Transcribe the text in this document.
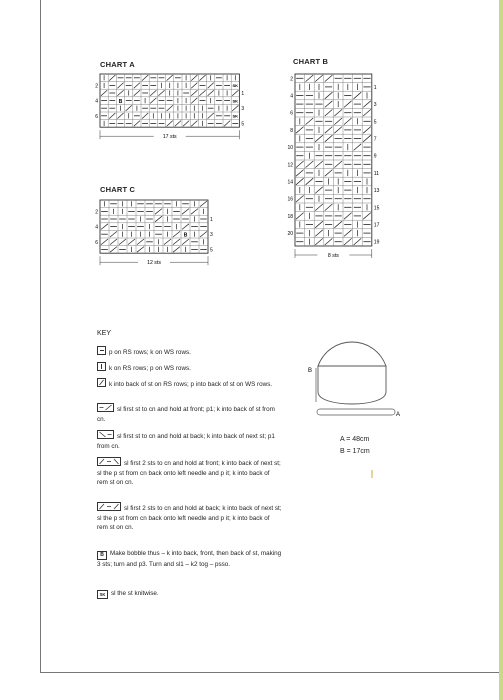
CHART A
SK
SK
SK
B
5
3
1
6
4
2
17 sts
CHART B
19
17
15
13
11
9
7
5
3
1
20
18
16
14
12
10
8
6
4
2
8 sts
CHART C
B
5
3
1
6
4
2
12 sts
KEY
p on RS rows; k on WS rows.
k on RS rows; p on WS rows.
k into back of st on RS rows; p into back of st on WS rows.
sl first st to cn and hold at front; p1; k into back of st from cn.
sl first st to cn and hold at back; k into back of next st; p1 from cn.
sl first 2 sts to cn and hold at front; k into back of next st; sl the p st from cn back onto left needle and p it; k into back of rem st on cn.
sl first 2 sts to cn and hold at back; k into back of next st; sl the p st from cn back onto left needle and p it; k into back of rem st on cn.
B Make bobble thus – k into back, front, then back of st, making 3 sts; turn and p3. Turn and sl1 – k2 tog – psso.
SK sl the st knitwise.
B
A
A = 48cm
B = 17cm
